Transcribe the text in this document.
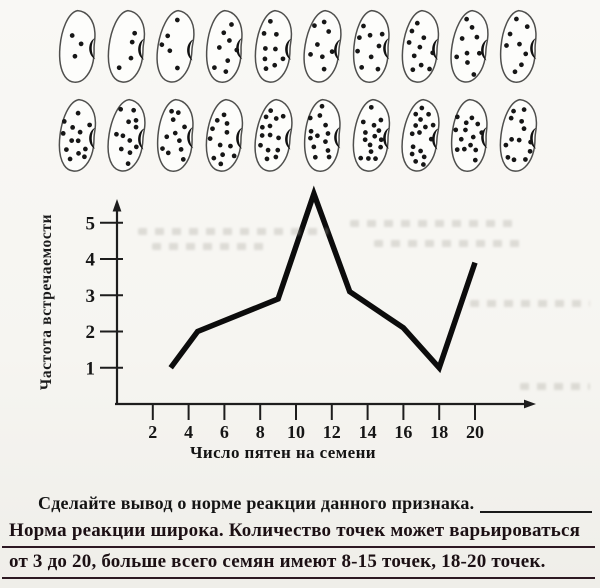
1
2
3
4
5
2 4 6 8 10 12 14 16 18 20
Частота встречаемости
Число пятен на семени
Сделайте вывод о норме реакции данного признака.
Норма реакции широка. Количество точек может варьироваться
от 3 до 20, больше всего семян имеют 8-15 точек, 18-20 точек.
